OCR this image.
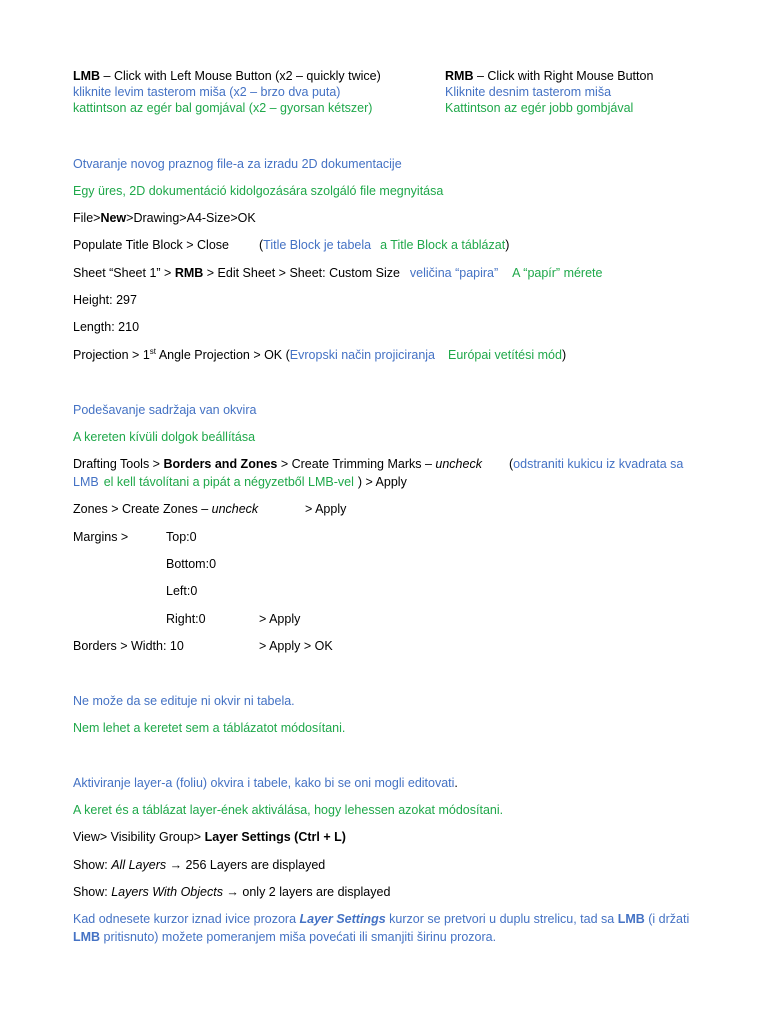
LMB – Click with Left Mouse Button (x2 – quickly twice)
kliknite levim tasterom miša (x2 – brzo dva puta)
kattintson az egér bal gomjával (x2 – gyorsan kétszer)
RMB – Click with Right Mouse Button
Kliknite desnim tasterom miša
Kattintson az egér jobb gombjával
Otvaranje novog praznog file-a za izradu 2D dokumentacije
Egy üres, 2D dokumentáció kidolgozására szolgáló file megnyitása
File>New>Drawing>A4-Size>OK
Populate Title Block > Close (Title Block je tabela a Title Block a táblázat)
Sheet “Sheet 1” > RMB > Edit Sheet > Sheet: Custom Size veličina “papira” A “papír” mérete
Height: 297
Length: 210
Projection > 1st Angle Projection > OK (Evropski način projiciranja Európai vetítési mód)
Podešavanje sadržaja van okvira
A kereten kívüli dolgok beállítása
Drafting Tools > Borders and Zones > Create Trimming Marks – uncheck (odstraniti kukicu iz kvadrata sa
LMB el kell távolítani a pipát a négyzetből LMB-vel ) > Apply
Zones > Create Zones – uncheck	> Apply
Margins >	Top:0
Bottom:0
Left:0
Right:0	> Apply
Borders > Width: 10	> Apply > OK
Ne može da se edituje ni okvir ni tabela.
Nem lehet a keretet sem a táblázatot módosítani.
Aktiviranje layer-a (foliu) okvira i tabele, kako bi se oni mogli editovati.
A keret és a táblázat layer-ének aktiválása, hogy lehessen azokat módosítani.
View> Visibility Group> Layer Settings (Ctrl + L)
Show: All Layers → 256 Layers are displayed
Show: Layers With Objects → only 2 layers are displayed
Kad odnesete kurzor iznad ivice prozora Layer Settings kurzor se pretvori u duplu strelicu, tad sa LMB (i držati
LMB pritisnuto) možete pomeranjem miša povećati ili smanjiti širinu prozora.
